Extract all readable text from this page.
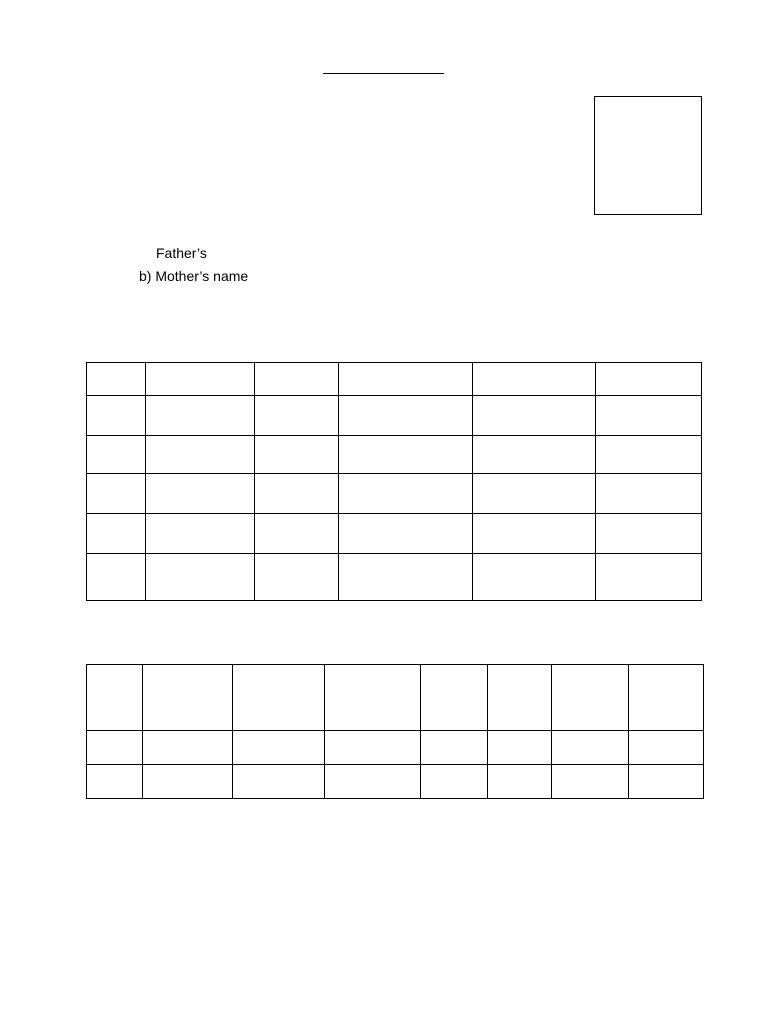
Father’s
b) Mother’s name
